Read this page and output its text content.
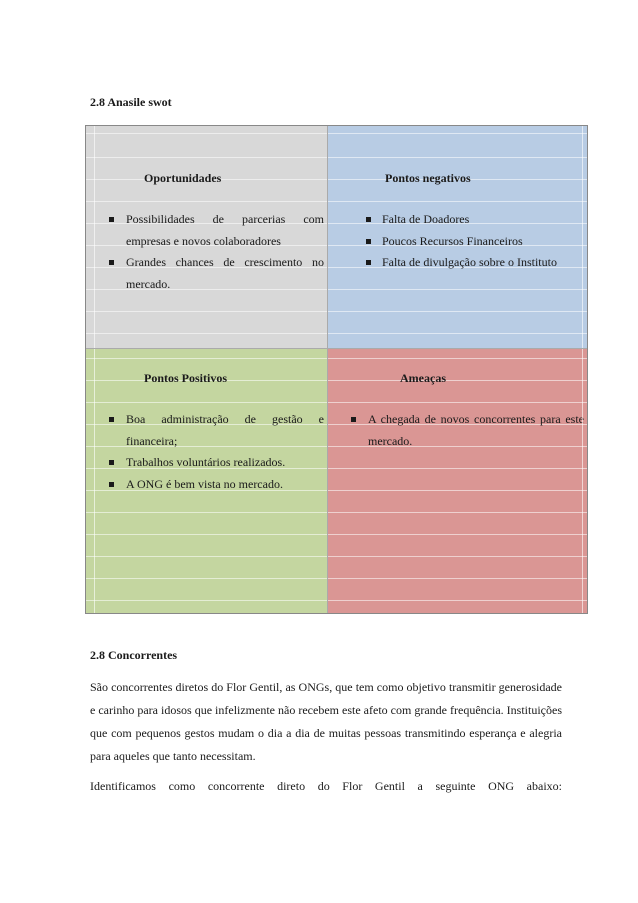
2.8 Anasile swot
Oportunidades
Possibilidades de parcerias com empresas e novos colaboradores
Grandes chances de crescimento no mercado.
Pontos negativos
Falta de Doadores
Poucos Recursos Financeiros
Falta de divulgação sobre o Instituto
Pontos Positivos
Boa administração de gestão e financeira;
Trabalhos voluntários realizados.
A ONG é bem vista no mercado.
Ameaças
A chegada de novos concorrentes para este mercado.
2.8 Concorrentes

São concorrentes diretos do Flor Gentil, as ONGs, que tem como objetivo transmitir generosidade e carinho para idosos que infelizmente não recebem este afeto com grande frequência. Instituições que com pequenos gestos mudam o dia a dia de muitas pessoas transmitindo esperança e alegria para aqueles que tanto necessitam.

Identificamos como concorrente direto do Flor Gentil a seguinte ONG abaixo:
